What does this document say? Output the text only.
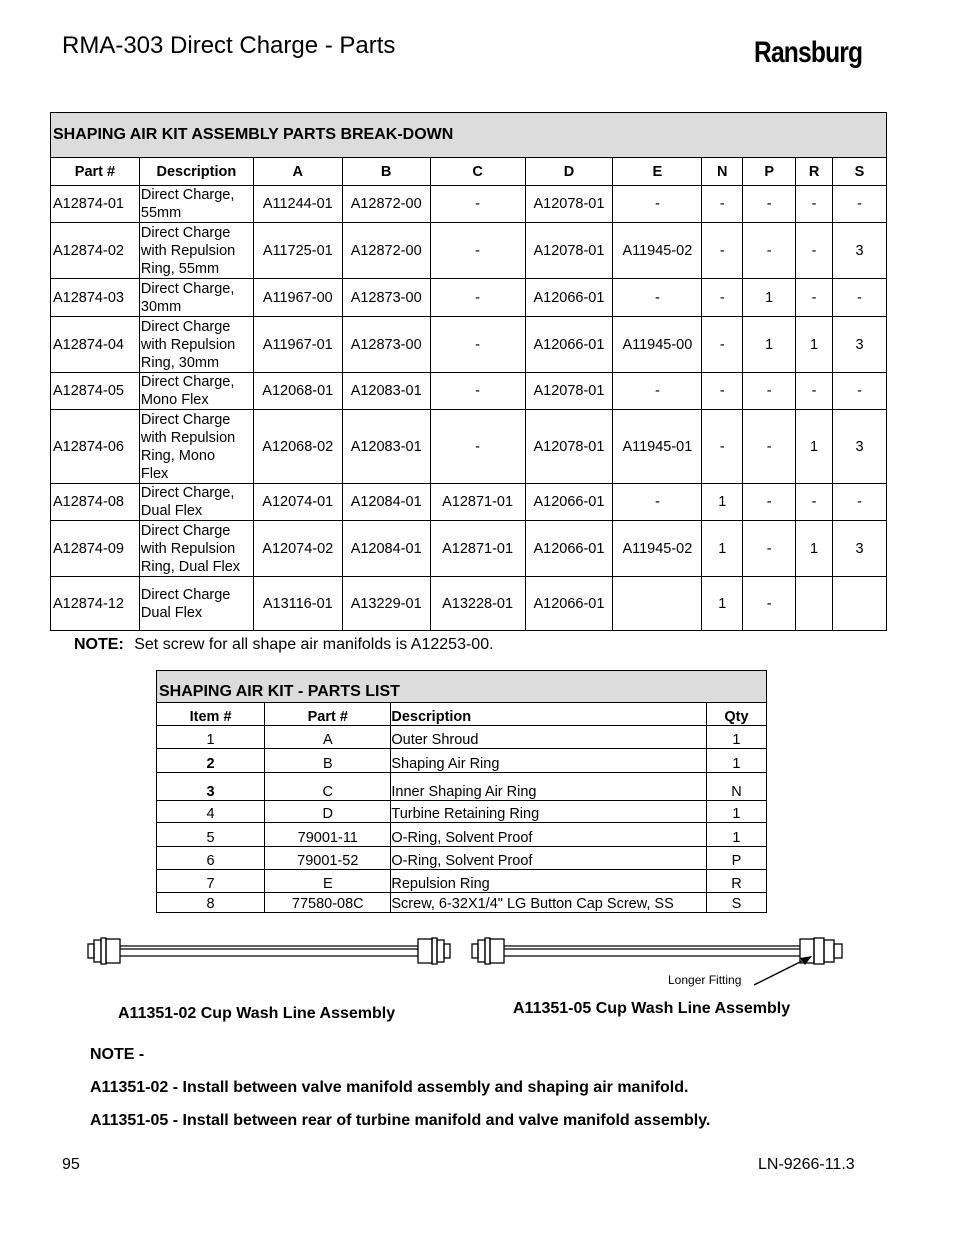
RMA-303 Direct Charge - Parts	Ransburg
SHAPING AIR KIT ASSEMBLY PARTS BREAK-DOWN										
Part #	Description	A	B	C	D	E	N	P	R	S
A12874-01	Direct Charge,
55mm	A11244-01	A12872-00	-	A12078-01	-	-	-	-	-
A12874-02	Direct Charge
with Repulsion
Ring, 55mm	A11725-01	A12872-00	-	A12078-01	A11945-02	-	-	-	3
A12874-03	Direct Charge,
30mm	A11967-00	A12873-00	-	A12066-01	-	-	1	-	-
A12874-04	Direct Charge
with Repulsion
Ring, 30mm	A11967-01	A12873-00	-	A12066-01	A11945-00	-	1	1	3
A12874-05	Direct Charge,
Mono Flex	A12068-01	A12083-01	-	A12078-01	-	-	-	-	-
A12874-06	Direct Charge
with Repulsion
Ring, Mono
Flex	A12068-02	A12083-01	-	A12078-01	A11945-01	-	-	1	3
A12874-08	Direct Charge,
Dual Flex	A12074-01	A12084-01	A12871-01	A12066-01	-	1	-	-	-
A12874-09	Direct Charge
with Repulsion
Ring, Dual Flex	A12074-02	A12084-01	A12871-01	A12066-01	A11945-02	1	-	1	3
A12874-12	Direct Charge
Dual Flex	A13116-01	A13229-01	A13228-01	A12066-01		1	-		
NOTE: Set screw for all shape air manifolds is A12253-00.
SHAPING AIR KIT - PARTS LIST			
Item #	Part #	Description	Qty
1	A	Outer Shroud	1
2	B	Shaping Air Ring	1
3	C	Inner Shaping Air Ring	N
4	D	Turbine Retaining Ring	1
5	79001-11	O-Ring, Solvent Proof	1
6	79001-52	O-Ring, Solvent Proof	P
7	E	Repulsion Ring	R
8	77580-08C	Screw, 6-32X1/4" LG Button Cap Screw, SS	S
Longer Fitting
A11351-02 Cup Wash Line Assembly	A11351-05 Cup Wash Line Assembly
NOTE -
A11351-02 - Install between valve manifold assembly and shaping air manifold.
A11351-05 - Install between rear of turbine manifold and valve manifold assembly.
95	LN-9266-11.3
